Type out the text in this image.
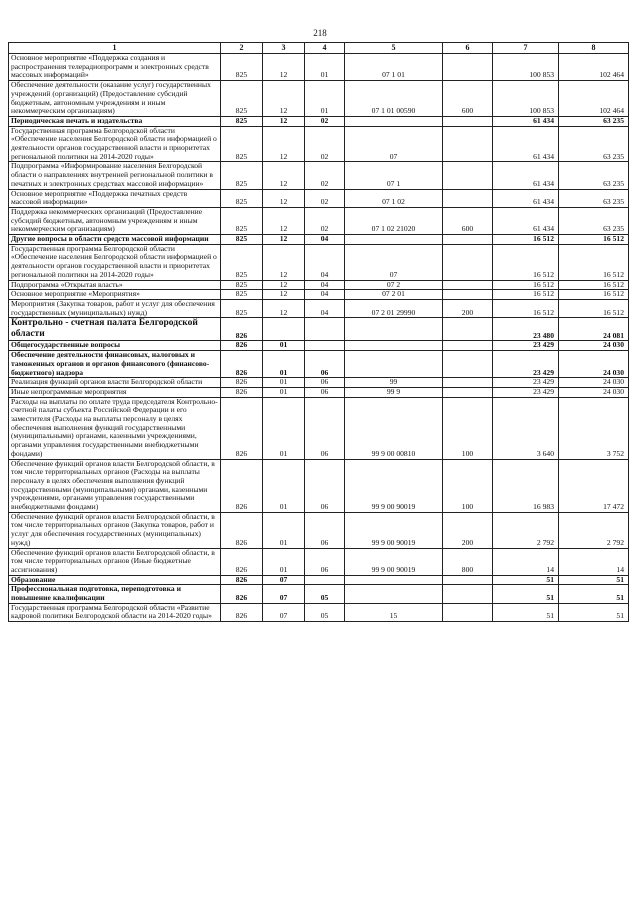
218
1	2	3	4	5	6	7	8
Основное мероприятие «Поддержка создания и распространения телерадиопрограмм и электронных средств массовых информаций»	825	12	01	07 1 01		100 853	102 464
Обеспечение деятельности (оказание услуг) государственных учреждений (организаций) (Предоставление субсидий бюджетным, автономным учреждениям и иным некоммерческим организациям)	825	12	01	07 1 01 00590	600	100 853	102 464
Периодическая печать и издательства	825	12	02			61 434	63 235
Государственная программа Белгородской области «Обеспечение населения Белгородской области информацией о деятельности органов государственной власти и приоритетах региональной политики на 2014-2020 годы»	825	12	02	07		61 434	63 235
Подпрограмма «Информирование населения Белгородской области о направлениях внутренней региональной политики в печатных и электронных средствах массовой информации»	825	12	02	07 1		61 434	63 235
Основное мероприятие «Поддержка печатных средств массовой информации»	825	12	02	07 1 02		61 434	63 235
Поддержка некоммерческих организаций (Предоставление субсидий бюджетным, автономным учреждениям и иным некоммерческим организациям)	825	12	02	07 1 02 21020	600	61 434	63 235
Другие вопросы в области средств массовой информации	825	12	04			16 512	16 512
Государственная программа Белгородской области «Обеспечение населения Белгородской области информацией о деятельности органов государственной власти и приоритетах региональной политики на 2014-2020 годы»	825	12	04	07		16 512	16 512
Подпрограмма «Открытая власть»	825	12	04	07 2		16 512	16 512
Основное мероприятие «Мероприятия»	825	12	04	07 2 01		16 512	16 512
Мероприятия (Закупка товаров, работ и услуг для обеспечения государственных (муниципальных) нужд)	825	12	04	07 2 01 29990	200	16 512	16 512
Контрольно - счетная палата Белгородской области	826					23 480	24 081
Общегосударственные вопросы	826	01				23 429	24 030
Обеспечение деятельности финансовых, налоговых и таможенных органов и органов финансового (финансово-бюджетного) надзора	826	01	06			23 429	24 030
Реализация функций органов власти Белгородской области	826	01	06	99		23 429	24 030
Иные непрограммные мероприятия	826	01	06	99 9		23 429	24 030
Расходы на выплаты по оплате труда председателя Контрольно-счетной палаты субъекта Российской Федерации и его заместителя (Расходы на выплаты персоналу в целях обеспечения выполнения функций государственными (муниципальными) органами, казенными учреждениями, органами управления государственными внебюджетными фондами)	826	01	06	99 9 00 00810	100	3 640	3 752
Обеспечение функций органов власти Белгородской области, в том числе территориальных органов (Расходы на выплаты персоналу в целях обеспечения выполнения функций государственными (муниципальными) органами, казенными учреждениями, органами управления государственными внебюджетными фондами)	826	01	06	99 9 00 90019	100	16 983	17 472
Обеспечение функций органов власти Белгородской области, в том числе территориальных органов (Закупка товаров, работ и услуг для обеспечения государственных (муниципальных) нужд)	826	01	06	99 9 00 90019	200	2 792	2 792
Обеспечение функций органов власти Белгородской области, в том числе территориальных органов (Иные бюджетные ассигнования)	826	01	06	99 9 00 90019	800	14	14
Образование	826	07				51	51
Профессиональная подготовка, переподготовка и повышение квалификации	826	07	05			51	51
Государственная программа Белгородской области «Развитие кадровой политики Белгородской области на 2014-2020 годы»	826	07	05	15		51	51
